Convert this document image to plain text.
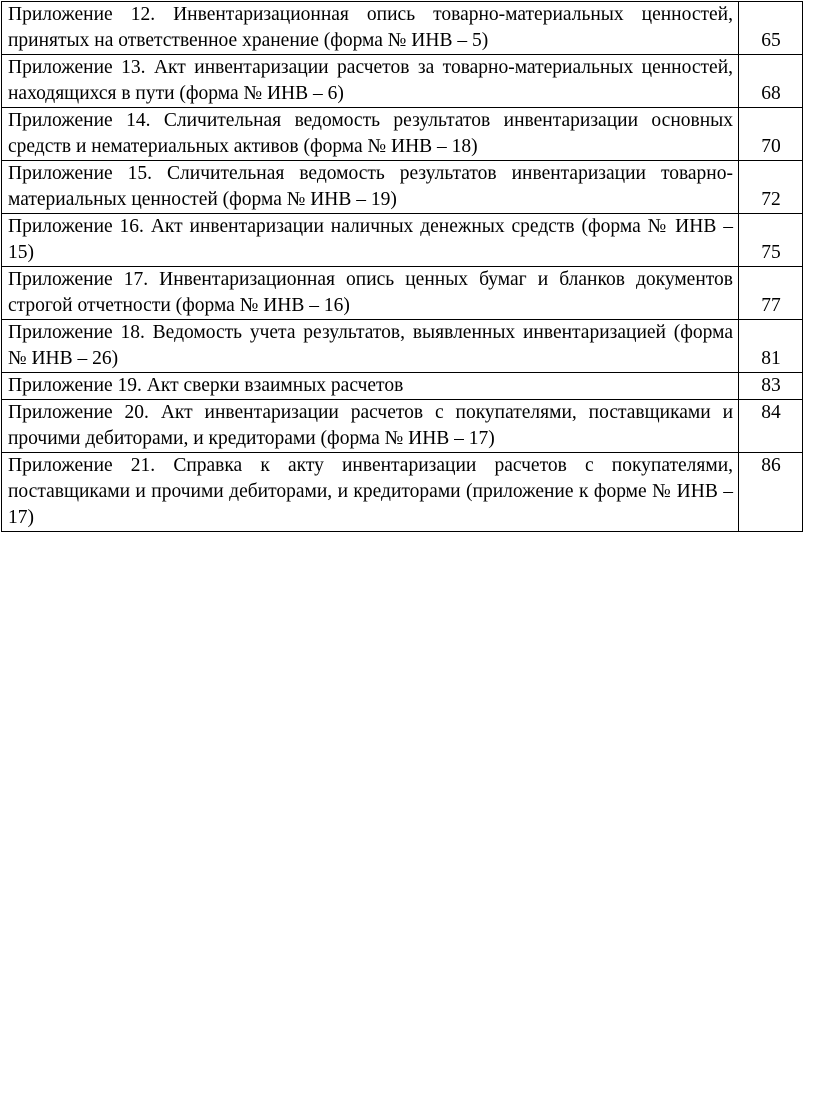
Приложение 12. Инвентаризационная опись товарно-материальных ценностей, принятых на ответственное хранение (форма № ИНВ – 5)	65
Приложение 13. Акт инвентаризации расчетов за товарно-материальных ценностей, находящихся в пути (форма № ИНВ – 6)	68
Приложение 14. Сличительная ведомость результатов инвентаризации основных средств и нематериальных активов (форма № ИНВ – 18)	70
Приложение 15. Сличительная ведомость результатов инвентаризации товарно-материальных ценностей (форма № ИНВ – 19)	72
Приложение 16. Акт инвентаризации наличных денежных средств (форма № ИНВ – 15)	75
Приложение 17. Инвентаризационная опись ценных бумаг и бланков документов строгой отчетности (форма № ИНВ – 16)	77
Приложение 18. Ведомость учета результатов, выявленных инвентаризацией (форма № ИНВ – 26)	81
Приложение 19. Акт сверки взаимных расчетов	83
Приложение 20. Акт инвентаризации расчетов с покупателями, поставщиками и прочими дебиторами, и кредиторами (форма № ИНВ – 17)	84
Приложение 21. Справка к акту инвентаризации расчетов с покупателями, поставщиками и прочими дебиторами, и кредиторами (приложение к форме № ИНВ – 17)	86
